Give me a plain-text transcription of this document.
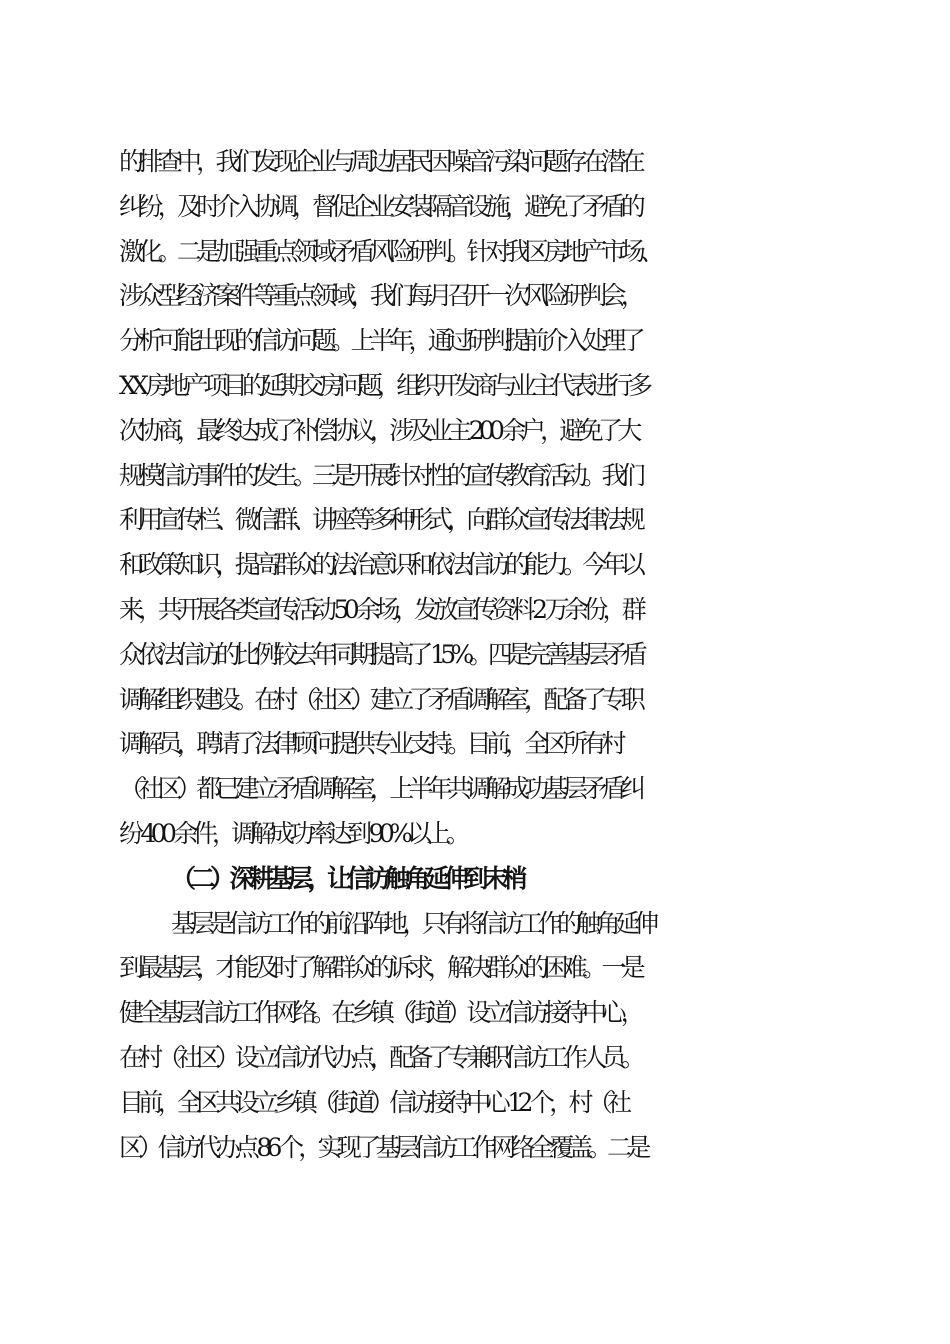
的排查中，我们发现企业与周边居民因噪音污染问题存在潜在
纠纷，及时介入协调，督促企业安装隔音设施，避免了矛盾的
激化。二是加强重点领域矛盾风险研判。针对我区房地产市场、
涉众型经济案件等重点领域，我们每月召开一次风险研判会，
分析可能出现的信访问题。上半年，通过研判提前介入处理了
XX 房地产项目的延期交房问题，组织开发商与业主代表进行多
次协商，最终达成了补偿协议，涉及业主 200 余户，避免了大
规模信访事件的发生。三是开展针对性的宣传教育活动。我们
利用宣传栏、微信群、讲座等多种形式，向群众宣传法律法规
和政策知识，提高群众的法治意识和依法信访的能力。今年以
来，共开展各类宣传活动 50 余场，发放宣传资料 2 万余份，群
众依法信访的比例较去年同期提高了 15%。四是完善基层矛盾
调解组织建设。在村（社区）建立了矛盾调解室，配备了专职
调解员，聘请了法律顾问提供专业支持。目前，全区所有村
（社区）都已建立矛盾调解室，上半年共调解成功基层矛盾纠
纷 400 余件，调解成功率达到 90%以上。
（二）深耕基层，让信访触角延伸到末梢
基层是信访工作的前沿阵地，只有将信访工作的触角延伸
到最基层，才能及时了解群众的诉求，解决群众的困难。一是
健全基层信访工作网络。在乡镇（街道）设立信访接待中心，
在村（社区）设立信访代办点，配备了专兼职信访工作人员。
目前，全区共设立乡镇（街道）信访接待中心 12 个，村（社
区）信访代办点 86 个，实现了基层信访工作网络全覆盖。二是
